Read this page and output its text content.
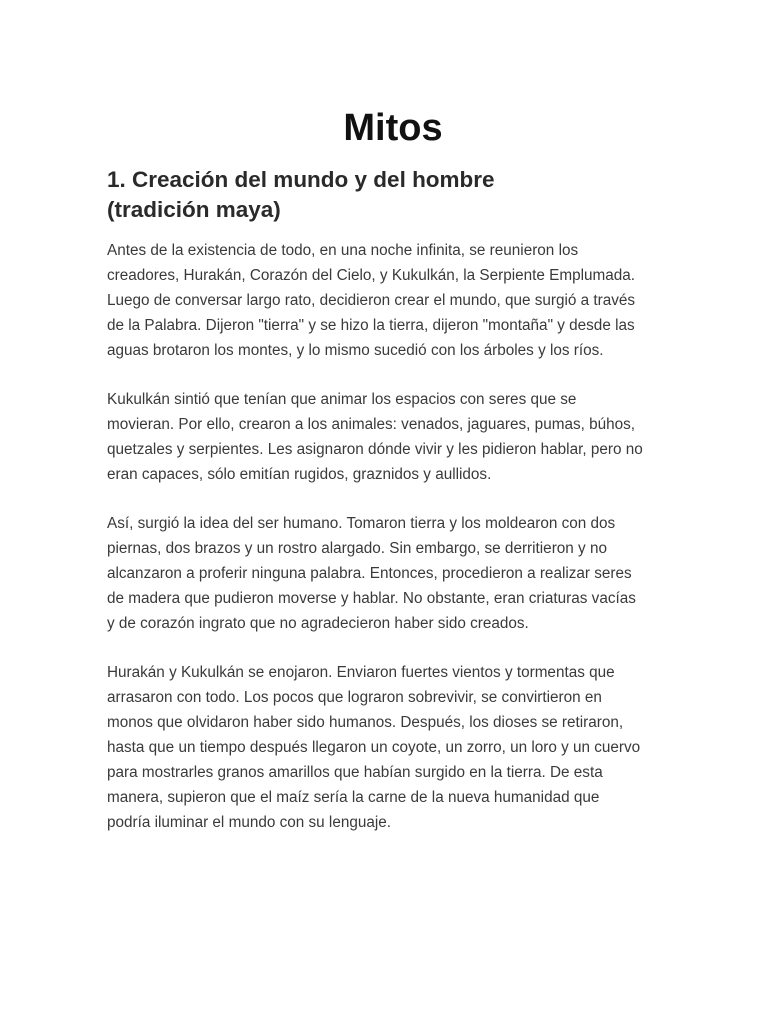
Mitos
1. Creación del mundo y del hombre
(tradición maya)

Antes de la existencia de todo, en una noche infinita, se reunieron los
creadores, Hurakán, Corazón del Cielo, y Kukulkán, la Serpiente Emplumada.
Luego de conversar largo rato, decidieron crear el mundo, que surgió a través
de la Palabra. Dijeron "tierra" y se hizo la tierra, dijeron "montaña" y desde las
aguas brotaron los montes, y lo mismo sucedió con los árboles y los ríos.

Kukulkán sintió que tenían que animar los espacios con seres que se
movieran. Por ello, crearon a los animales: venados, jaguares, pumas, búhos,
quetzales y serpientes. Les asignaron dónde vivir y les pidieron hablar, pero no
eran capaces, sólo emitían rugidos, graznidos y aullidos.

Así, surgió la idea del ser humano. Tomaron tierra y los moldearon con dos
piernas, dos brazos y un rostro alargado. Sin embargo, se derritieron y no
alcanzaron a proferir ninguna palabra. Entonces, procedieron a realizar seres
de madera que pudieron moverse y hablar. No obstante, eran criaturas vacías
y de corazón ingrato que no agradecieron haber sido creados.

Hurakán y Kukulkán se enojaron. Enviaron fuertes vientos y tormentas que
arrasaron con todo. Los pocos que lograron sobrevivir, se convirtieron en
monos que olvidaron haber sido humanos. Después, los dioses se retiraron,
hasta que un tiempo después llegaron un coyote, un zorro, un loro y un cuervo
para mostrarles granos amarillos que habían surgido en la tierra. De esta
manera, supieron que el maíz sería la carne de la nueva humanidad que
podría iluminar el mundo con su lenguaje.
